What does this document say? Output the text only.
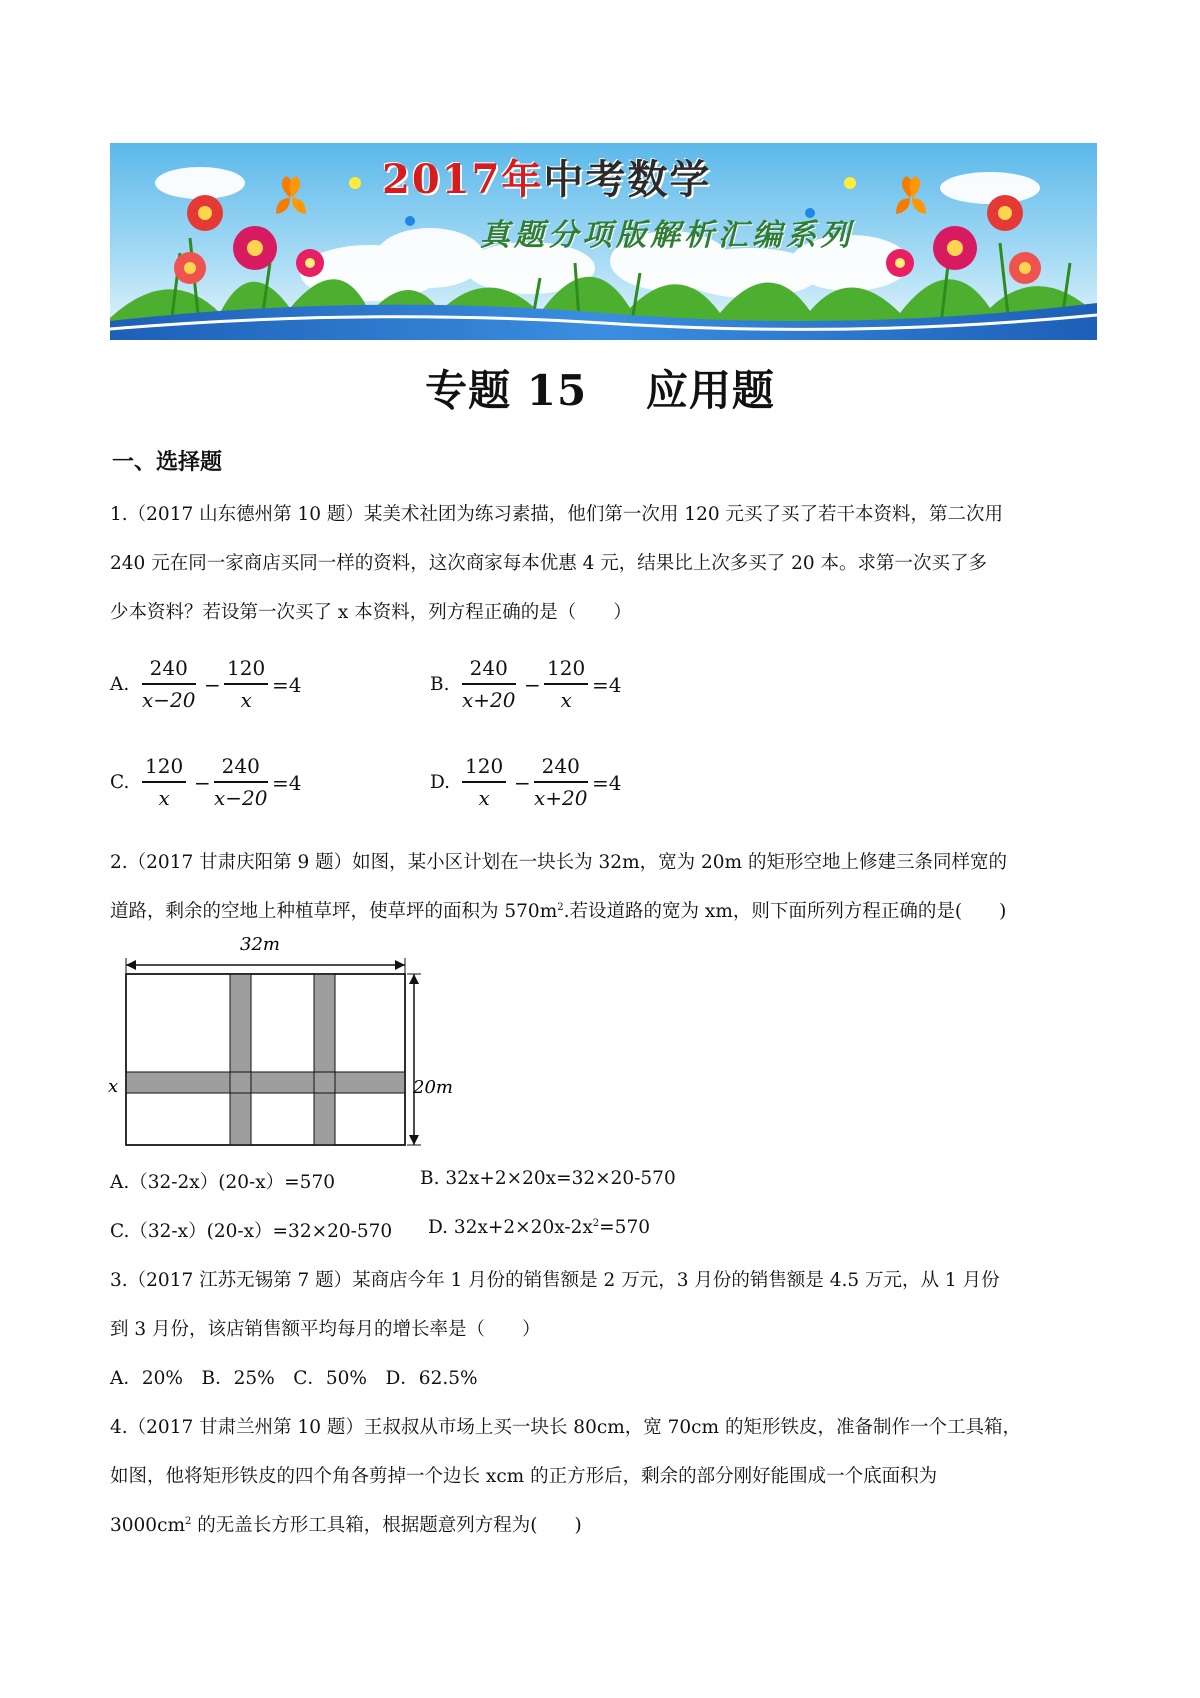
2017年中考数学
真题分项版解析汇编系列
专题 15　 应用题
一、选择题
1.（2017 山东德州第 10 题）某美术社团为练习素描，他们第一次用 120 元买了买了若干本资料，第二次用
240 元在同一家商店买同一样的资料，这次商家每本优惠 4 元，结果比上次多买了 20 本。求第一次买了多
少本资料？若设第一次买了 x 本资料，列方程正确的是（　　）
A.
240
x−20
−
120
x
=4	B.
240
x+20
−
120
x
=4
C.
120
x
−
240
x−20
=4	D.
120
x
−
240
x+20
=4
2.（2017 甘肃庆阳第 9 题）如图，某小区计划在一块长为 32m，宽为 20m 的矩形空地上修建三条同样宽的
道路，剩余的空地上种植草坪，使草坪的面积为 $570m^2$.若设道路的宽为 xm，则下面所列方程正确的是(　　)
32m
20m
x
A.（32-2x）(20-x）=570	B. 32x+2×20x=32×20-570
C.（32-x）(20-x）=32×20-570 D. $32x+2\times 20x-2x^2=570$
3.（2017 江苏无锡第 7 题）某商店今年 1 月份的销售额是 2 万元，3 月份的销售额是 4.5 万元，从 1 月份
到 3 月份，该店销售额平均每月的增长率是（　　）
A．20%　B．25%　C．50%　D．62.5%
4.（2017 甘肃兰州第 10 题）王叔叔从市场上买一块长 80cm，宽 70cm 的矩形铁皮，准备制作一个工具箱，
如图，他将矩形铁皮的四个角各剪掉一个边长 xcm 的正方形后，剩余的部分刚好能围成一个底面积为
$3000cm^2$ 的无盖长方形工具箱，根据题意列方程为(　　)
